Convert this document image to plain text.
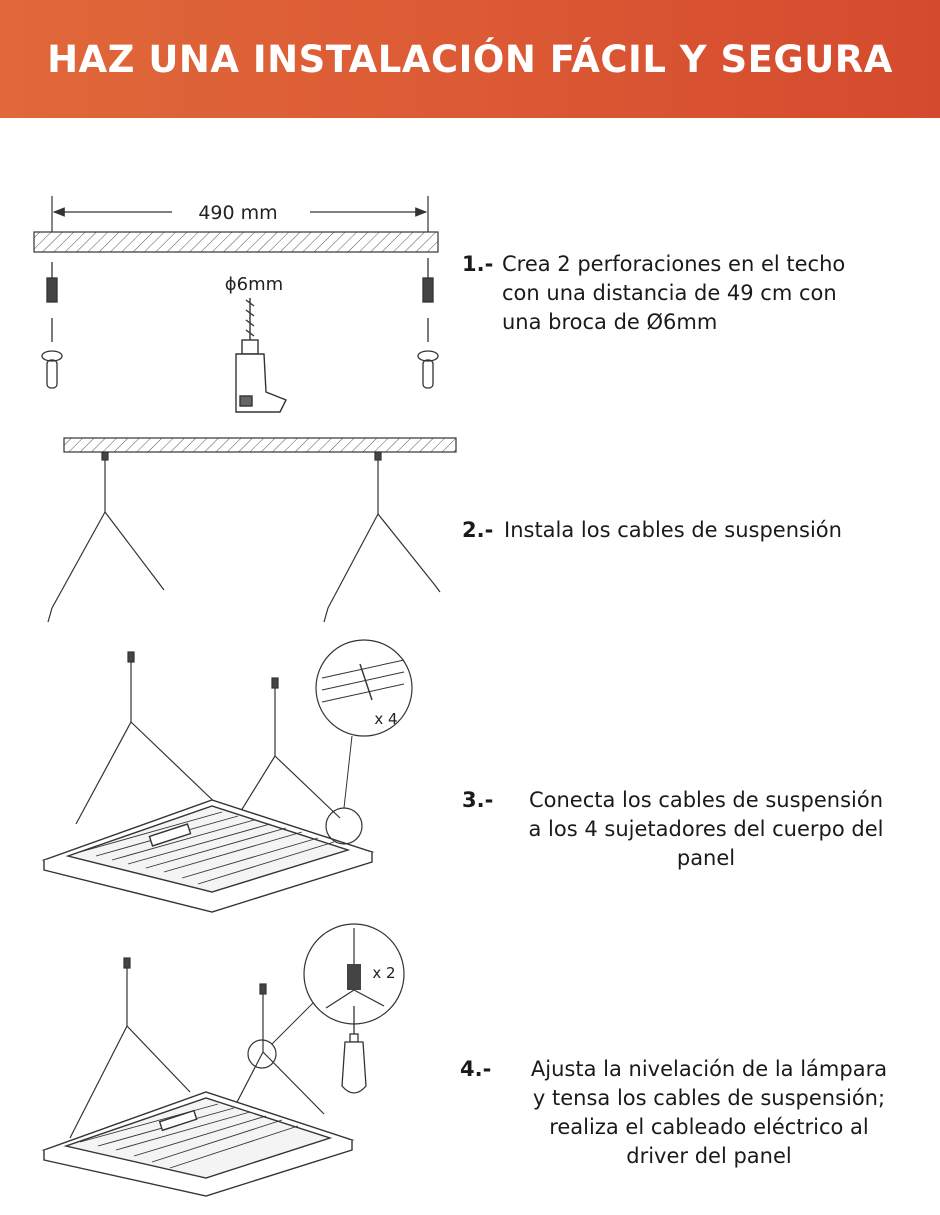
HAZ UNA INSTALACIÓN FÁCIL Y SEGURA
490 mm
ϕ6mm
x 4
x 2
1.- Crea 2 perforaciones en el techo
con una distancia de 49 cm con
una broca de Ø6mm
2.- Instala los cables de suspensión
3.-	Conecta los cables de suspensión
a los 4 sujetadores del cuerpo del
panel
4.-	Ajusta la nivelación de la lámpara
y tensa los cables de suspensión;
realiza el cableado eléctrico al
driver del panel
